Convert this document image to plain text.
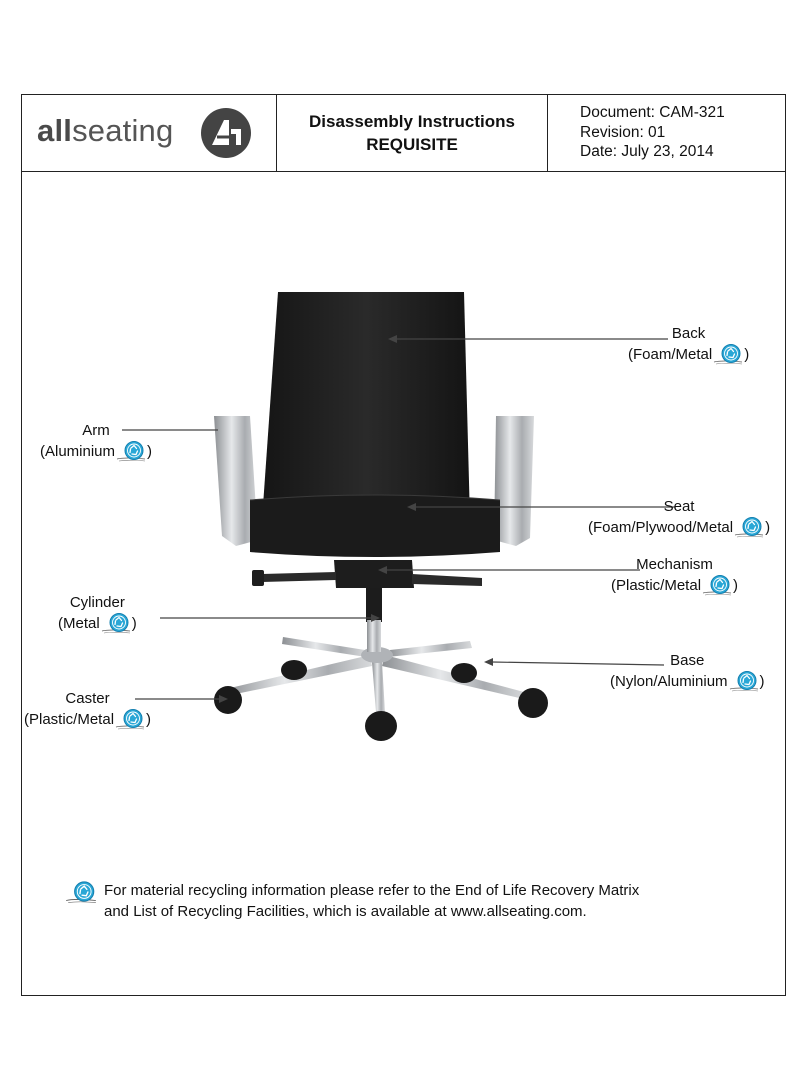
allseating	Disassembly Instructions
REQUISITE
Document: CAM-321
Revision: 01
Date: July 23, 2014
Back
(Foam/Metal )
Arm
(Aluminium )
Seat
(Foam/Plywood/Metal )
Mechanism
(Plastic/Metal )
Cylinder
(Metal )
Base
(Nylon/Aluminium )
Caster
(Plastic/Metal )
For material recycling information please refer to the End of Life Recovery Matrix
and List of Recycling Facilities, which is available at www.allseating.com.
